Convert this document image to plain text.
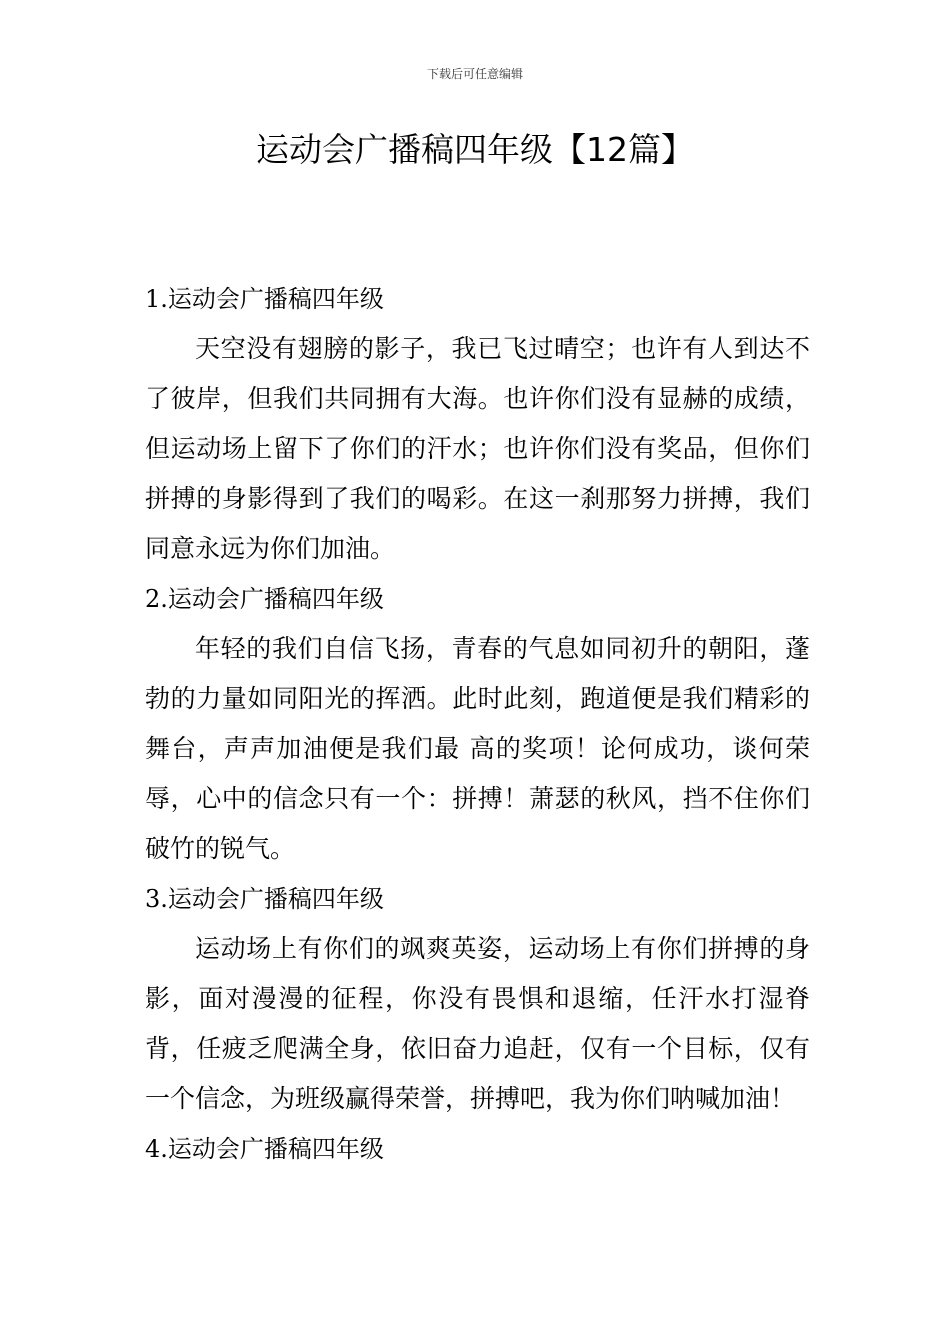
下载后可任意编辑
运动会广播稿四年级【12篇】
1.运动会广播稿四年级

天空没有翅膀的影子，我已飞过晴空；也许有人到达不了彼岸，但我们共同拥有大海。也许你们没有显赫的成绩，但运动场上留下了你们的汗水；也许你们没有奖品，但你们拼搏的身影得到了我们的喝彩。在这一刹那努力拼搏，我们同意永远为你们加油。

2.运动会广播稿四年级

年轻的我们自信飞扬，青春的气息如同初升的朝阳，蓬勃的力量如同阳光的挥洒。此时此刻，跑道便是我们精彩的舞台，声声加油便是我们最 高的奖项！论何成功，谈何荣辱，心中的信念只有一个：拼搏！萧瑟的秋风，挡不住你们破竹的锐气。

3.运动会广播稿四年级

运动场上有你们的飒爽英姿，运动场上有你们拼搏的身影，面对漫漫的征程，你没有畏惧和退缩，任汗水打湿脊背，任疲乏爬满全身，依旧奋力追赶，仅有一个目标，仅有一个信念，为班级赢得荣誉，拼搏吧，我为你们呐喊加油！

4.运动会广播稿四年级
